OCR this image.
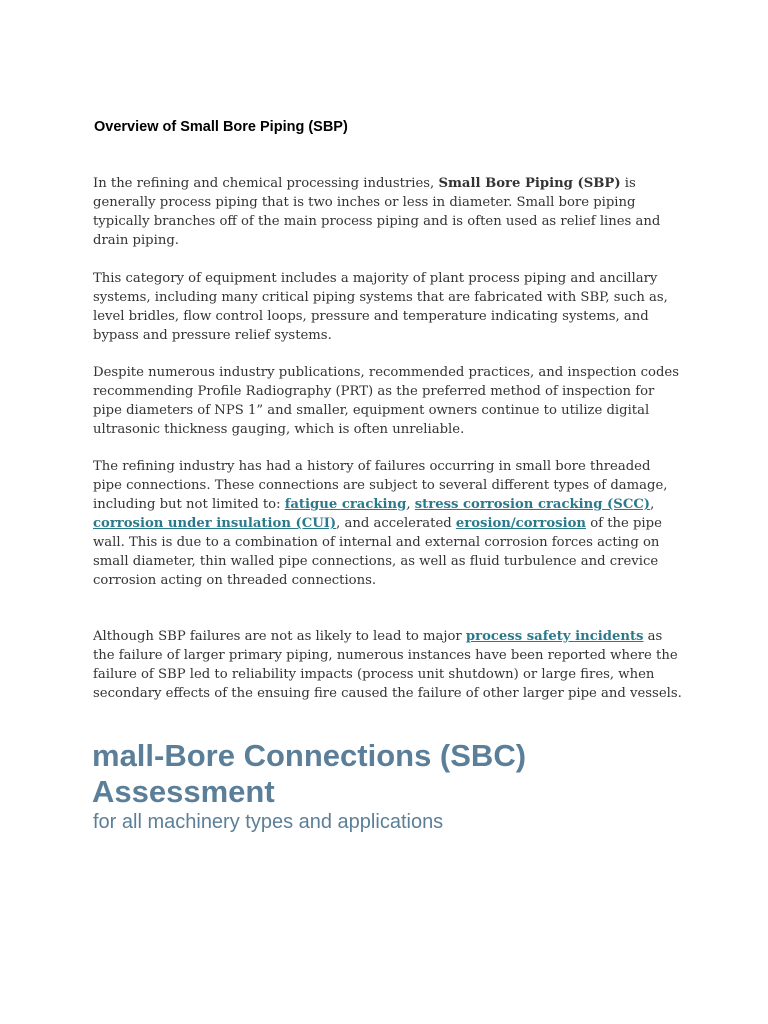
Overview of Small Bore Piping (SBP)

In the refining and chemical processing industries, Small Bore Piping (SBP) is generally process piping that is two inches or less in diameter. Small bore piping typically branches off of the main process piping and is often used as relief lines and drain piping.

This category of equipment includes a majority of plant process piping and ancillary systems, including many critical piping systems that are fabricated with SBP, such as, level bridles, flow control loops, pressure and temperature indicating systems, and bypass and pressure relief systems.

Despite numerous industry publications, recommended practices, and inspection codes recommending Profile Radiography (PRT) as the preferred method of inspection for pipe diameters of NPS 1” and smaller, equipment owners continue to utilize digital ultrasonic thickness gauging, which is often unreliable.

The refining industry has had a history of failures occurring in small bore threaded pipe connections. These connections are subject to several different types of damage, including but not limited to: fatigue cracking, stress corrosion cracking (SCC), corrosion under insulation (CUI), and accelerated erosion/corrosion of the pipe wall. This is due to a combination of internal and external corrosion forces acting on small diameter, thin walled pipe connections, as well as fluid turbulence and crevice corrosion acting on threaded connections.

Although SBP failures are not as likely to lead to major process safety incidents as the failure of larger primary piping, numerous instances have been reported where the failure of SBP led to reliability impacts (process unit shutdown) or large fires, when secondary effects of the ensuing fire caused the failure of other larger pipe and vessels.

mall-Bore Connections (SBC) Assessment

for all machinery types and applications
